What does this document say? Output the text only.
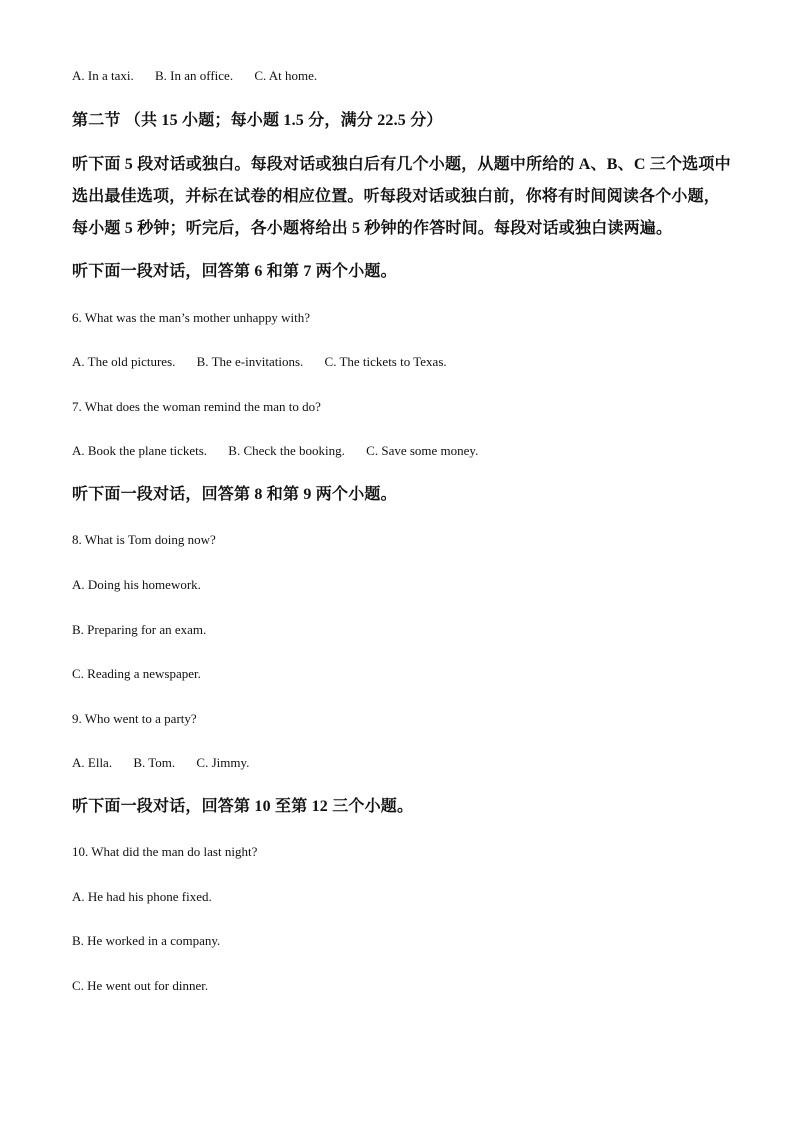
A. In a taxi. B. In an office. C. At home.
第二节 （共 15 小题；每小题 1.5 分，满分 22.5 分）
听下面 5 段对话或独白。每段对话或独白后有几个小题，从题中所给的 A、B、C 三个选项中
选出最佳选项，并标在试卷的相应位置。听每段对话或独白前，你将有时间阅读各个小题，
每小题 5 秒钟；听完后，各小题将给出 5 秒钟的作答时间。每段对话或独白读两遍。
听下面一段对话，回答第 6 和第 7 两个小题。
6. What was the man’s mother unhappy with?
A. The old pictures. B. The e-invitations. C. The tickets to Texas.
7. What does the woman remind the man to do?
A. Book the plane tickets. B. Check the booking. C. Save some money.
听下面一段对话，回答第 8 和第 9 两个小题。
8. What is Tom doing now?
A. Doing his homework.
B. Preparing for an exam.
C. Reading a newspaper.
9. Who went to a party?
A. Ella. B. Tom. C. Jimmy.
听下面一段对话，回答第 10 至第 12 三个小题。
10. What did the man do last night?
A. He had his phone fixed.
B. He worked in a company.
C. He went out for dinner.
